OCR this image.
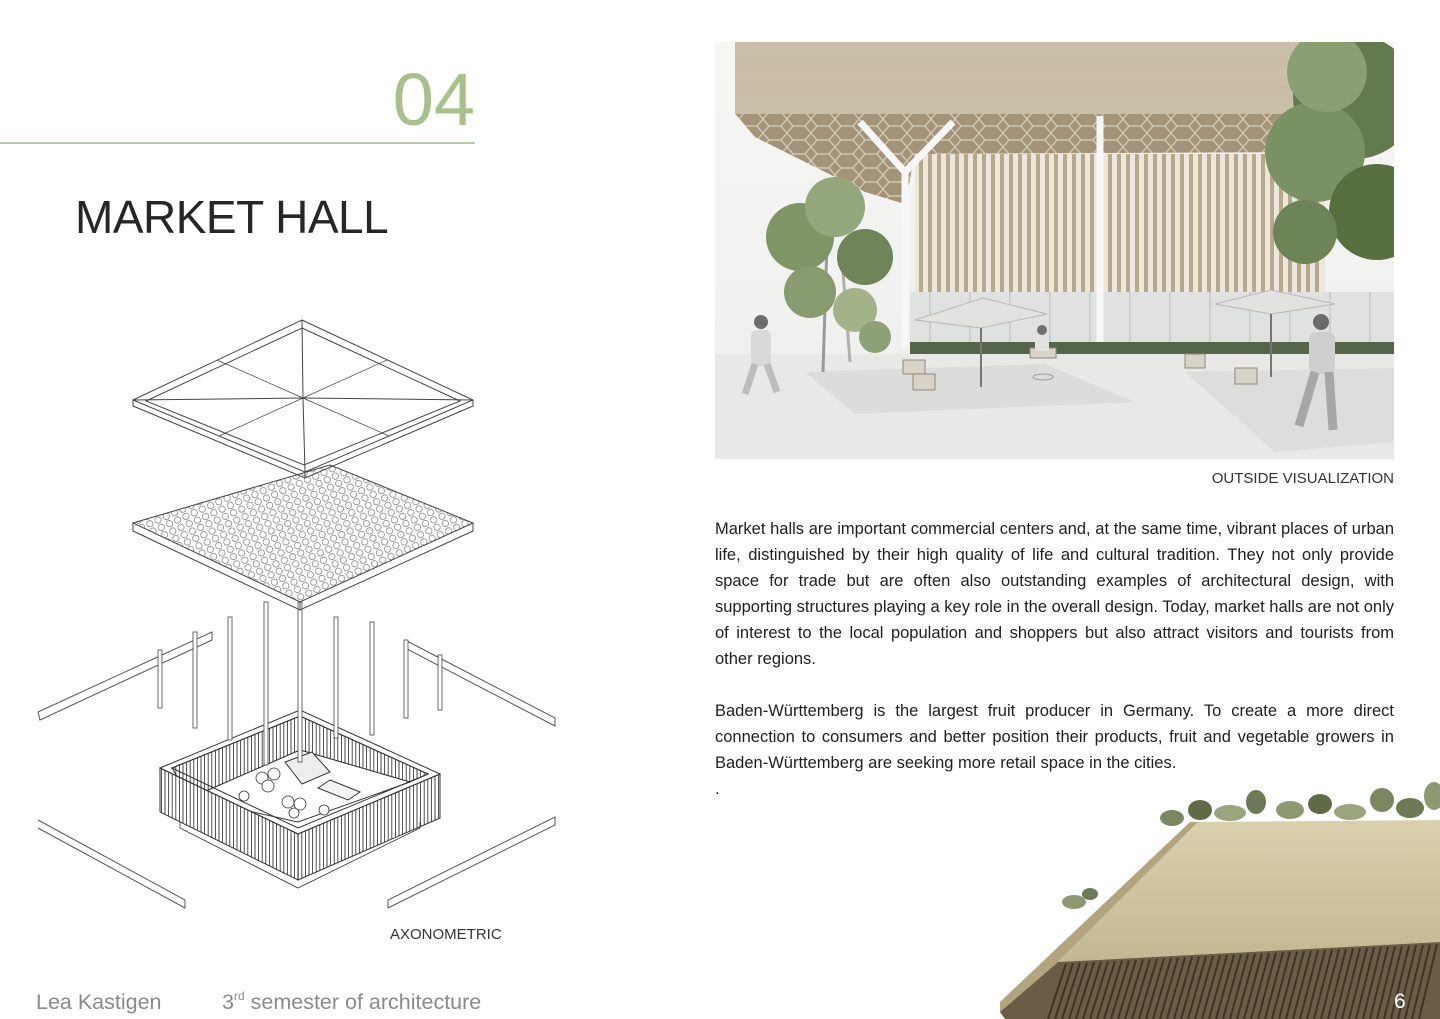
04
MARKET HALL
AXONOMETRIC
OUTSIDE VISUALIZATION

Market halls are important commercial centers and, at the same time, vibrant places of urban life, distinguished by their high quality of life and cultural tradition. They not only provide space for trade but are often also outstanding examples of architectural design, with supporting structures playing a key role in the overall design. Today, market halls are not only of interest to the local population and shoppers but also attract visitors and tourists from other regions.

Baden-Württemberg is the largest fruit producer in Germany. To create a more direct connection to consumers and better position their products, fruit and vegetable growers in Baden-Württemberg are seeking more retail space in the cities.

.
Lea Kastigen	3rd semester of architecture	6
